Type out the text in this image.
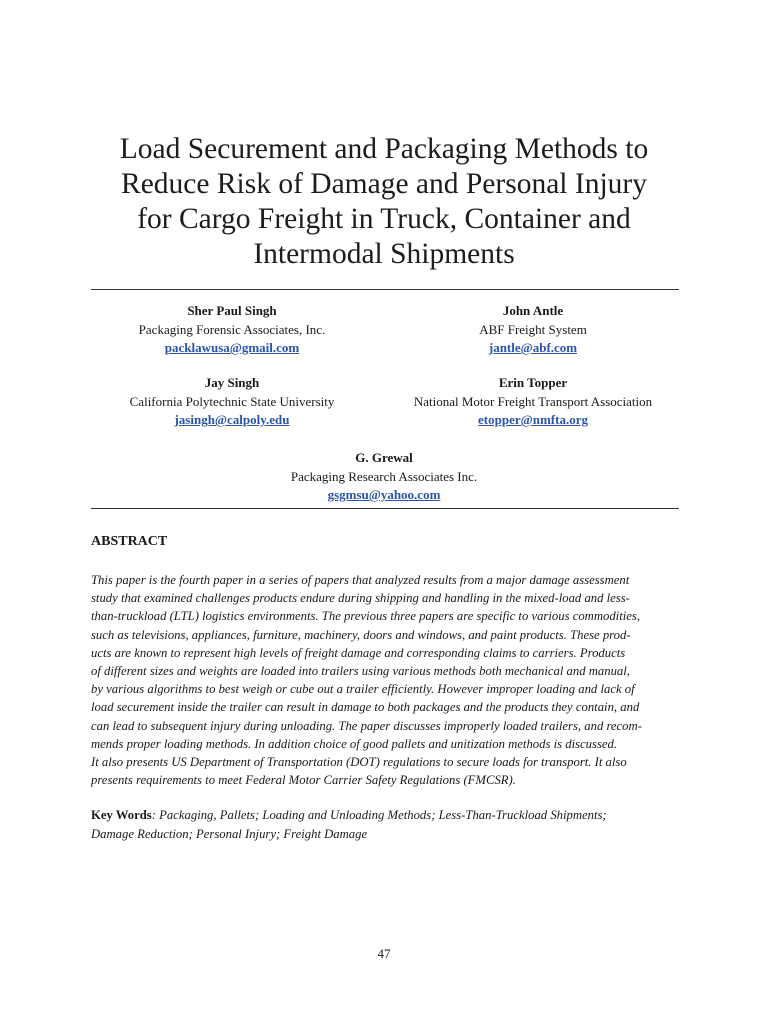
Load Securement and Packaging Methods to
Reduce Risk of Damage and Personal Injury
for Cargo Freight in Truck, Container and
Intermodal Shipments
Sher Paul Singh
Packaging Forensic Associates, Inc.
packlawusa@gmail.com
John Antle
ABF Freight System
jantle@abf.com
Jay Singh
California Polytechnic State University
jasingh@calpoly.edu
Erin Topper
National Motor Freight Transport Association
etopper@nmfta.org
G. Grewal
Packaging Research Associates Inc.
gsgmsu@yahoo.com
ABSTRACT
This paper is the fourth paper in a series of papers that analyzed results from a major damage assessment
study that examined challenges products endure during shipping and handling in the mixed-load and less-
than-truckload (LTL) logistics environments. The previous three papers are specific to various commodities,
such as televisions, appliances, furniture, machinery, doors and windows, and paint products. These prod-
ucts are known to represent high levels of freight damage and corresponding claims to carriers. Products
of different sizes and weights are loaded into trailers using various methods both mechanical and manual,
by various algorithms to best weigh or cube out a trailer efficiently. However improper loading and lack of
load securement inside the trailer can result in damage to both packages and the products they contain, and
can lead to subsequent injury during unloading. The paper discusses improperly loaded trailers, and recom-
mends proper loading methods. In addition choice of good pallets and unitization methods is discussed.
It also presents US Department of Transportation (DOT) regulations to secure loads for transport. It also
presents requirements to meet Federal Motor Carrier Safety Regulations (FMCSR).
Key Words: Packaging, Pallets; Loading and Unloading Methods; Less-Than-Truckload Shipments;
Damage Reduction; Personal Injury; Freight Damage
47
